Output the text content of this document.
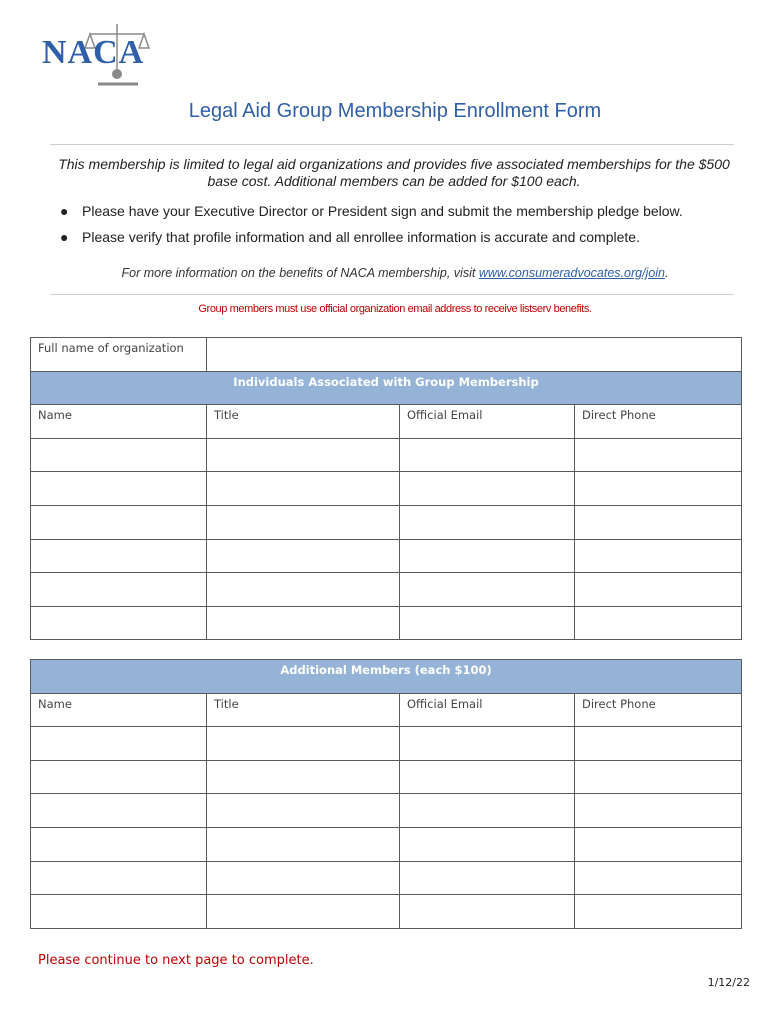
NACA
Legal Aid Group Membership Enrollment Form
This membership is limited to legal aid organizations and provides five associated memberships for the $500 base cost. Additional members can be added for $100 each.
● Please have your Executive Director or President sign and submit the membership pledge below.
● Please verify that profile information and all enrollee information is accurate and complete.
For more information on the benefits of NACA membership, visit www.consumeradvocates.org/join.
Group members must use official organization email address to receive listserv benefits.
Full name of organization			

Individuals Associated with Group Membership			

Name	Title	Official Email	Direct Phone

Additional Members (each $100)			

Name	Title	Official Email	Direct Phone

Please continue to next page to complete.
1/12/22
